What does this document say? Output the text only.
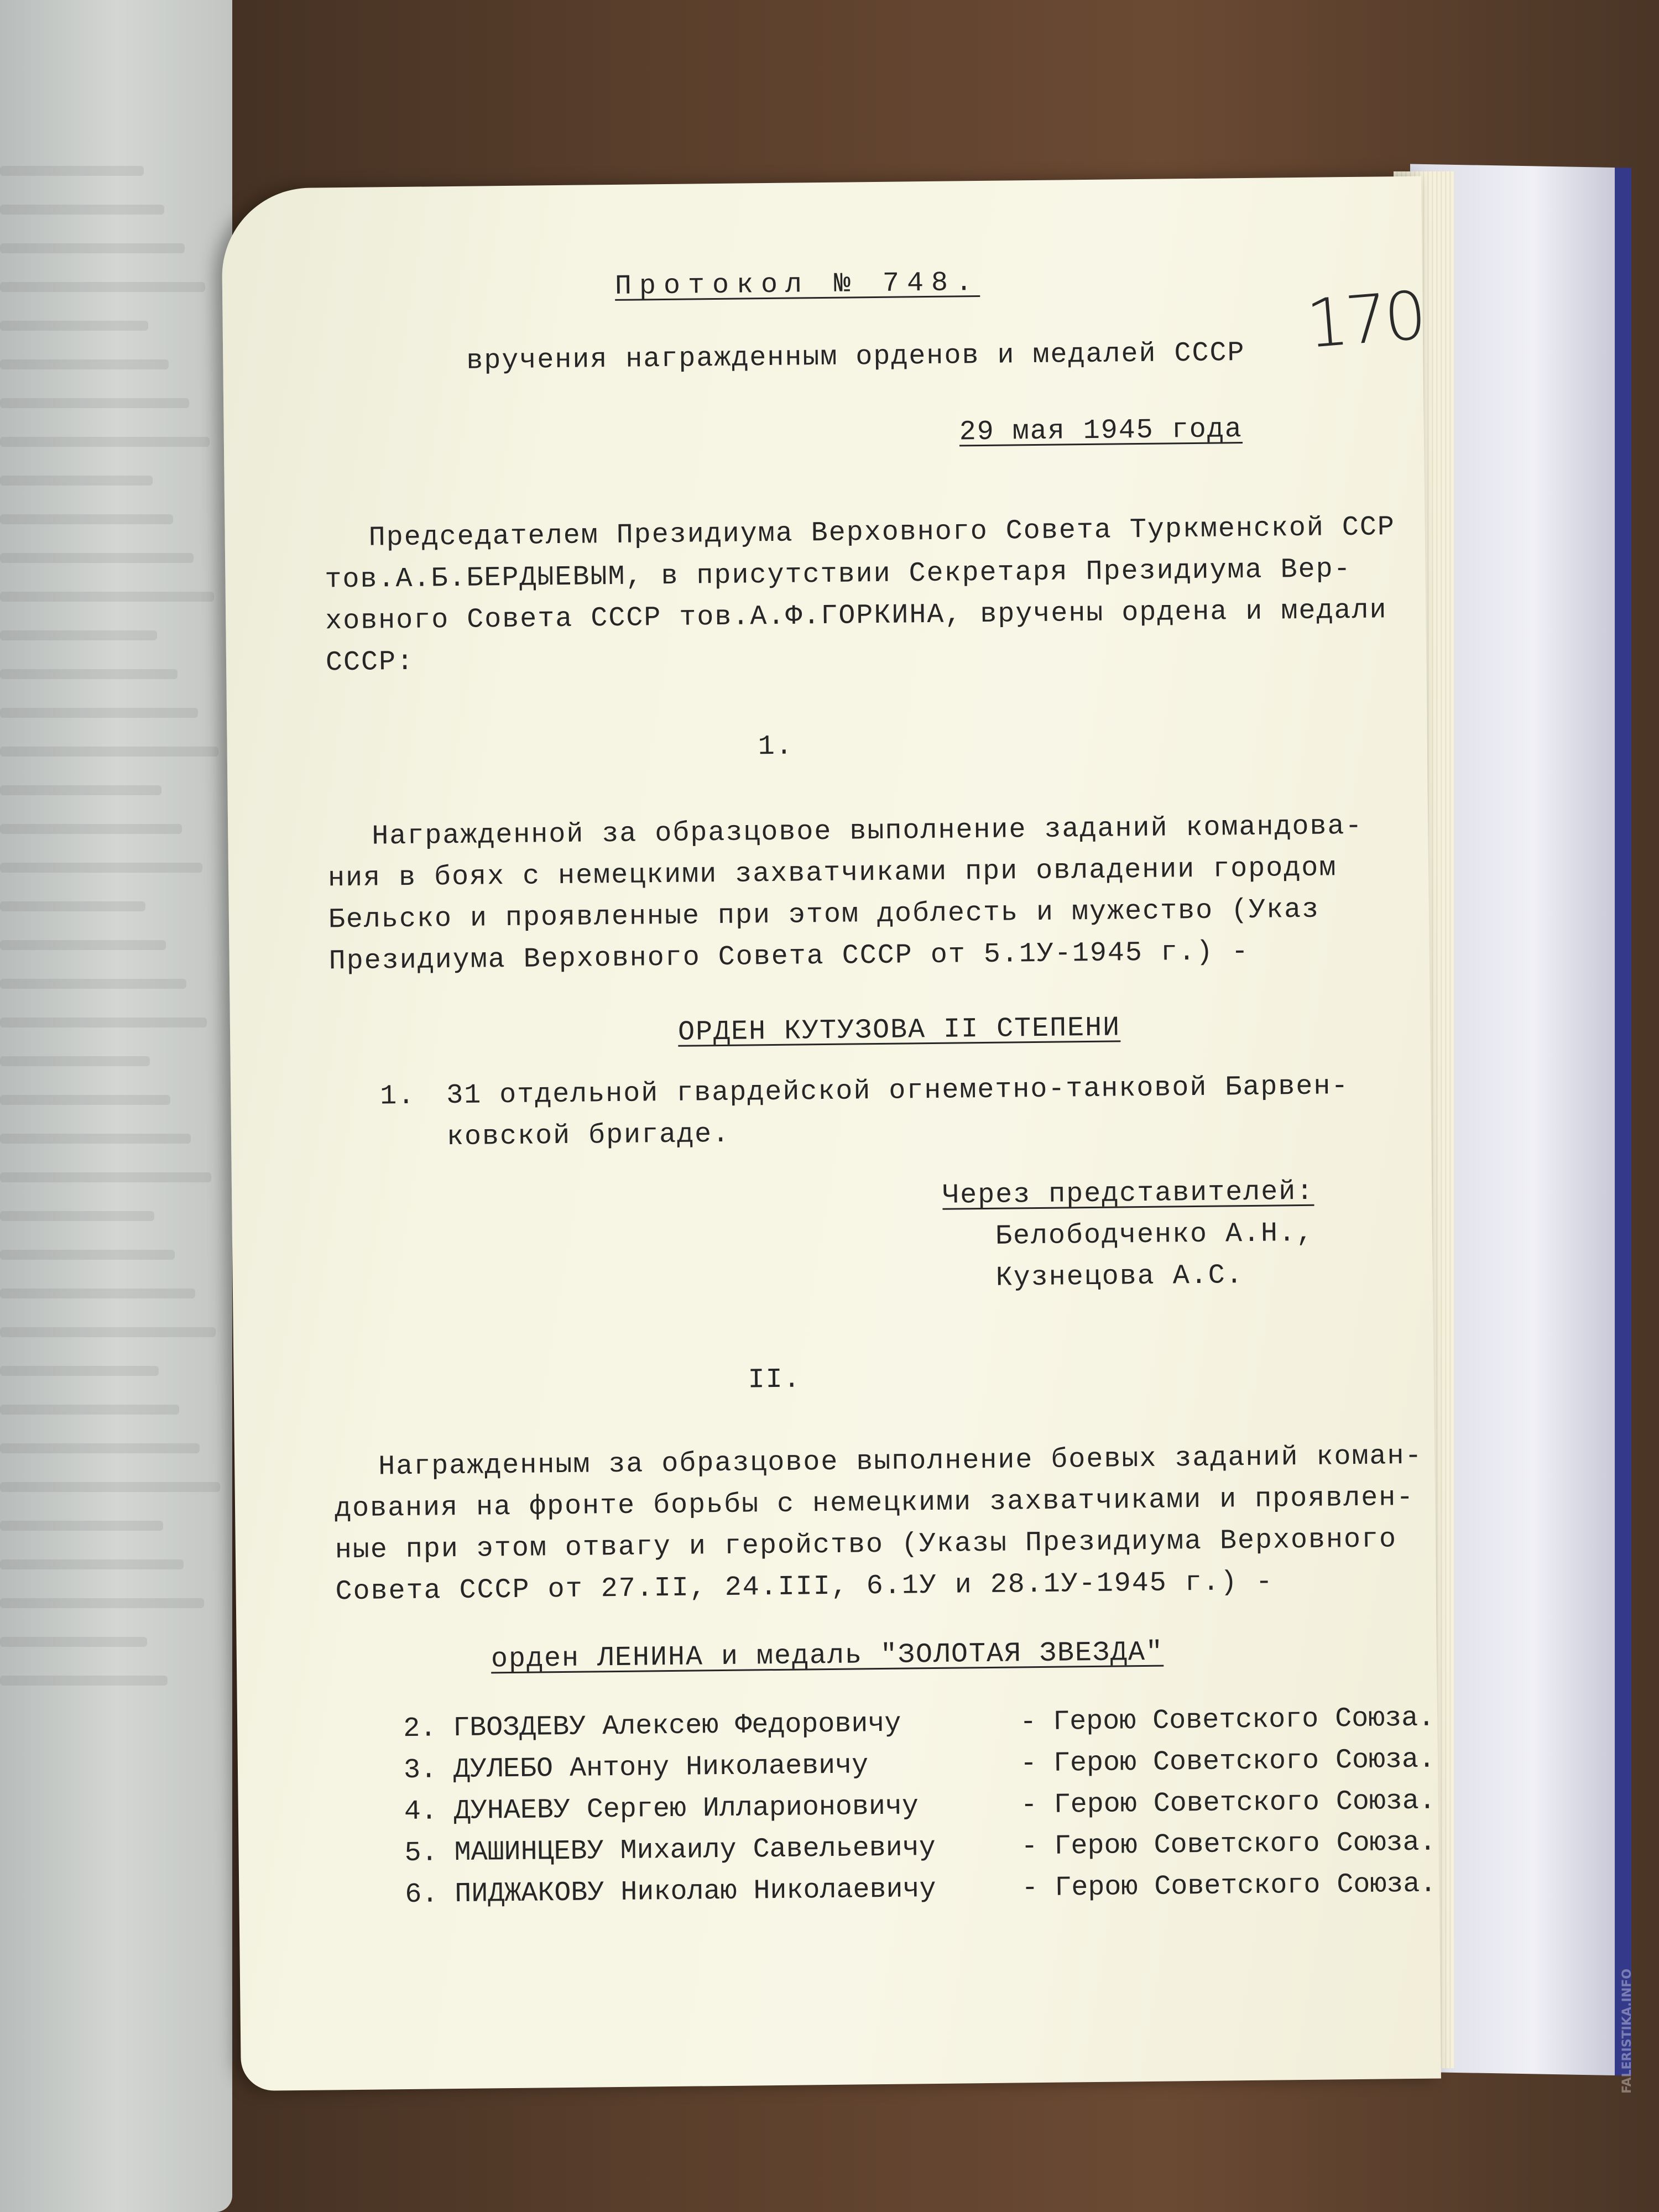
Протокол № 748.
вручения награжденным орденов и медалей СССР 170
29 мая 1945 года
Председателем Президиума Верховного Совета Туркменской ССР
тов.А.Б.БЕРДЫЕВЫМ, в присутствии Секретаря Президиума Вер-
ховного Совета СССР тов.А.Ф.ГОРКИНА, вручены ордена и медали
СССР:
1.
Награжденной за образцовое выполнение заданий командова-
ния в боях с немецкими захватчиками при овладении городом
Бельско и проявленные при этом доблесть и мужество (Указ
Президиума Верховного Совета СССР от 5.1У-1945 г.) -
ОРДЕН КУТУЗОВА II СТЕПЕНИ
1. 31 отдельной гвардейской огнеметно-танковой Барвен-
ковской бригаде.
Через представителей:
Белободченко А.Н.,
Кузнецова А.С.
II.
Награжденным за образцовое выполнение боевых заданий коман-
дования на фронте борьбы с немецкими захватчиками и проявлен-
ные при этом отвагу и геройство (Указы Президиума Верховного
Совета СССР от 27.II, 24.III, 6.1У и 28.1У-1945 г.) -
орден ЛЕНИНА и медаль "ЗОЛОТАЯ ЗВЕЗДА"
2. ГВОЗДЕВУ Алексею Федоровичу	- Герою Советского Союза.
3. ДУЛЕБО Антону Николаевичу	- Герою Советского Союза.
4. ДУНАЕВУ Сергею Илларионовичу	- Герою Советского Союза.
5. МАШИНЦЕВУ Михаилу Савельевичу	- Герою Советского Союза.
6. ПИДЖАКОВУ Николаю Николаевичу	- Герою Советского Союза.
FALERISTIKA.INFO
